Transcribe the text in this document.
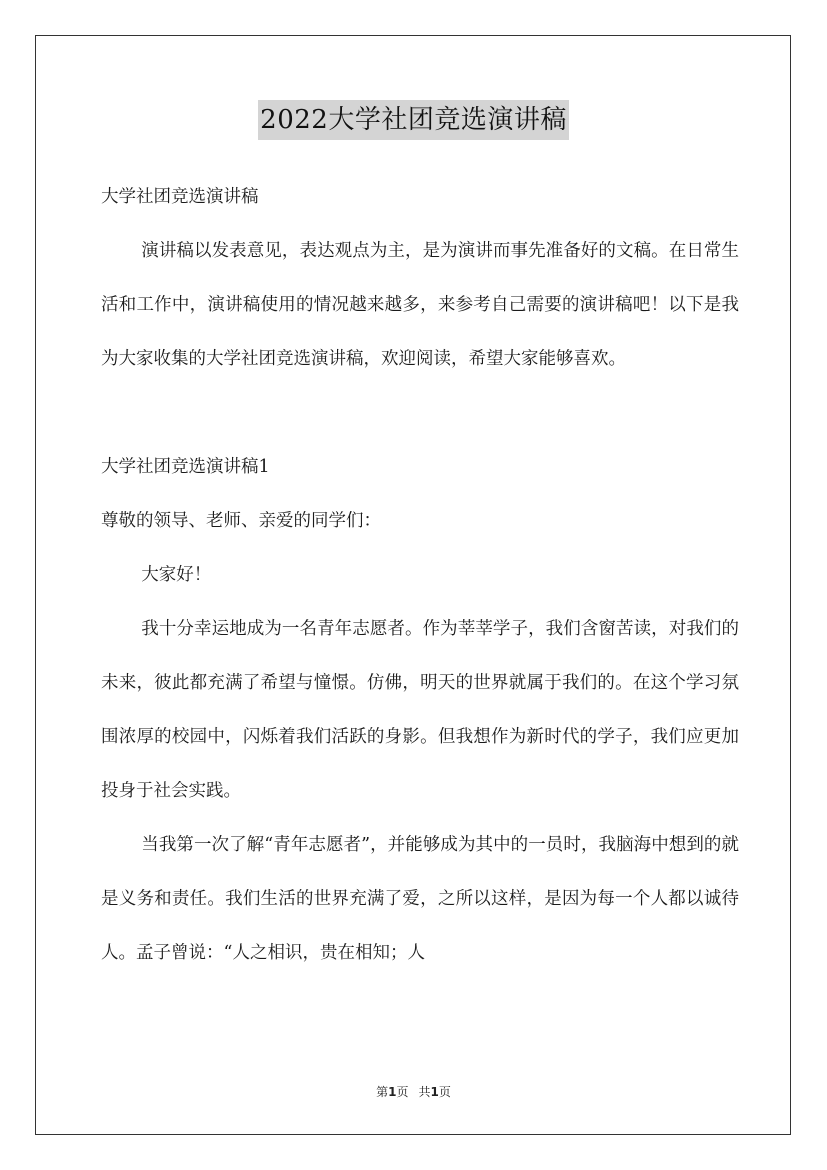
2022大学社团竞选演讲稿

大学社团竞选演讲稿

演讲稿以发表意见，表达观点为主，是为演讲而事先准备好的文稿。在日常生活和工作中，演讲稿使用的情况越来越多，来参考自己需要的演讲稿吧！以下是我为大家收集的大学社团竞选演讲稿，欢迎阅读，希望大家能够喜欢。

大学社团竞选演讲稿1

尊敬的领导、老师、亲爱的同学们：

大家好！

我十分幸运地成为一名青年志愿者。作为莘莘学子，我们含窗苦读，对我们的未来，彼此都充满了希望与憧憬。仿佛，明天的世界就属于我们的。在这个学习氛围浓厚的校园中，闪烁着我们活跃的身影。但我想作为新时代的学子，我们应更加投身于社会实践。

当我第一次了解“青年志愿者”，并能够成为其中的一员时，我脑海中想到的就是义务和责任。我们生活的世界充满了爱，之所以这样，是因为每一个人都以诚待人。孟子曾说：“人之相识，贵在相知；人

第1页 共1页
